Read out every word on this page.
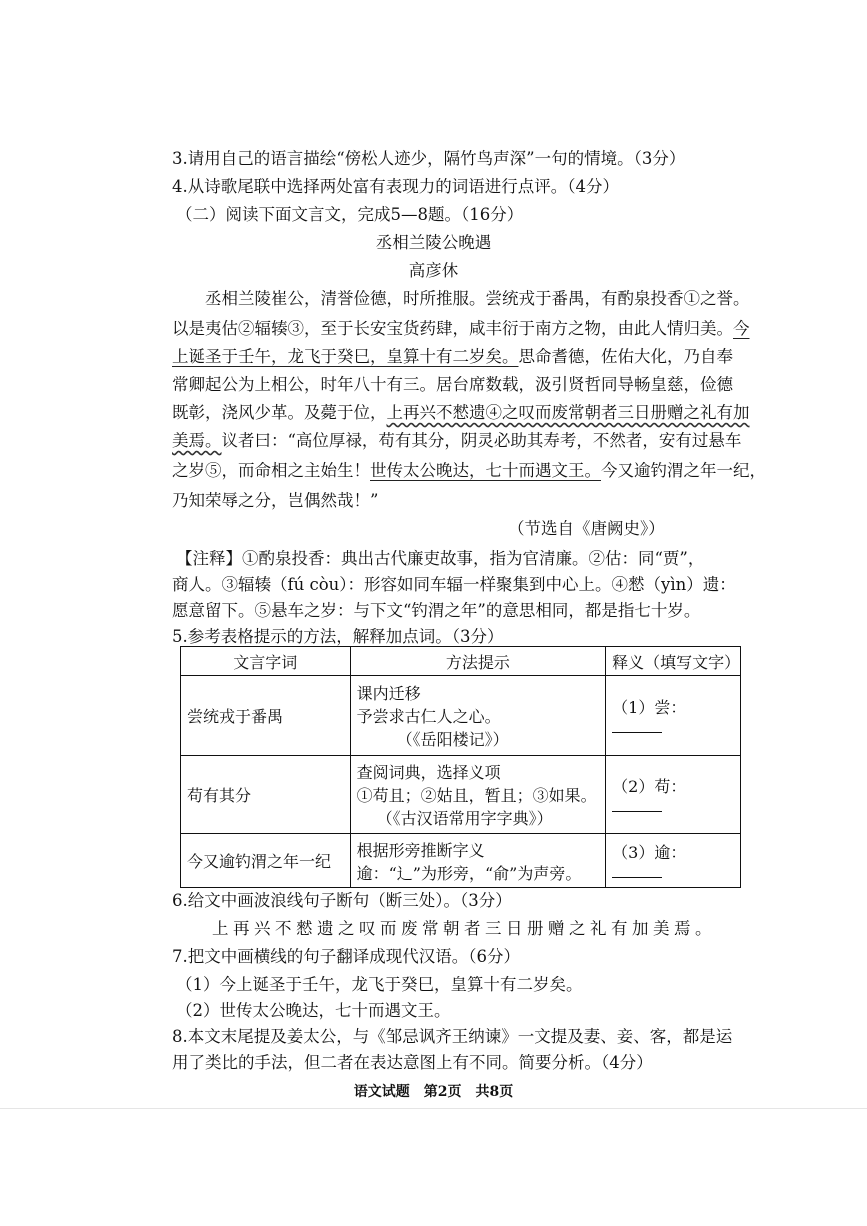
3.请用自己的语言描绘“傍松人迹少，隔竹鸟声深”一句的情境。（3分）
4.从诗歌尾联中选择两处富有表现力的词语进行点评。（4分）
（二）阅读下面文言文，完成5—8题。（16分）
丞相兰陵公晚遇
高彦休
丞相兰陵崔公，清誉俭德，时所推服。尝统戎于番禺，有酌泉投香①之誉。
以是夷估②辐辏③，至于长安宝货药肆，咸丰衍于南方之物，由此人情归美。今
上诞圣于壬午，龙飞于癸巳，皇算十有二岁矣。思命耆德，佐佑大化，乃自奉
常卿起公为上相公，时年八十有三。居台席数载，汲引贤哲同导畅皇慈，俭德
既彰，浇风少革。及薨于位，上再兴不憖遗④之叹而废常朝者三日册赠之礼有加
美焉。议者曰：“高位厚禄，苟有其分，阴灵必助其寿考，不然者，安有过悬车
之岁⑤，而命相之主始生！世传太公晚达，七十而遇文王。今又逾钓渭之年一纪，
乃知荣辱之分，岂偶然哉！”
（节选自《唐阙史》）
【注释】①酌泉投香：典出古代廉吏故事，指为官清廉。②估：同“贾”，
商人。③辐辏（fú còu）：形容如同车辐一样聚集到中心上。④憖（yìn）遗：
愿意留下。⑤悬车之岁：与下文“钓渭之年”的意思相同，都是指七十岁。
5.参考表格提示的方法，解释加点词。（3分）
文言字词	方法提示	释义（填写文字）
尝统戎于番禺	课内迁移
予尝求古仁人之心。
（《岳阳楼记》）	（1）尝：
苟有其分	查阅词典，选择义项
①苟且；②姑且，暂且；③如果。
（《古汉语常用字字典》）	（2）苟：
今又逾钓渭之年一纪	根据形旁推断字义
逾：“辶”为形旁，“俞”为声旁。	（3）逾：
6.给文中画波浪线句子断句（断三处）。（3分）
上再兴不憖遗之叹而废常朝者三日册赠之礼有加美焉。
7.把文中画横线的句子翻译成现代汉语。（6分）
（1）今上诞圣于壬午，龙飞于癸巳，皇算十有二岁矣。
（2）世传太公晚达，七十而遇文王。
8.本文末尾提及姜太公，与《邹忌讽齐王纳谏》一文提及妻、妾、客，都是运
用了类比的手法，但二者在表达意图上有不同。简要分析。（4分）
语文试题　第2页　共8页
